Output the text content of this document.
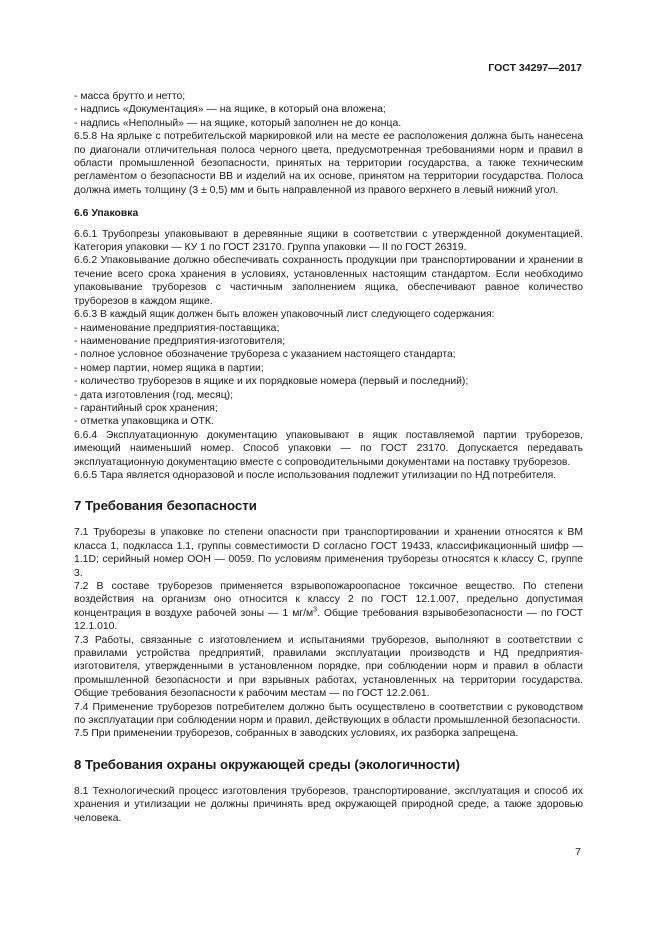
ГОСТ 34297—2017

- масса брутто и нетто;

- надпись «Документация» — на ящике, в который она вложена;

- надпись «Неполный» — на ящике, который заполнен не до конца.

6.5.8 На ярлыке с потребительской маркировкой или на месте ее расположения должна быть нанесена по диагонали отличительная полоса черного цвета, предусмотренная требованиями норм и правил в области промышленной безопасности, принятых на территории государства, а также техническим регламентом о безопасности ВВ и изделий на их основе, принятом на территории государства. Полоса должна иметь толщину (3 ± 0,5) мм и быть направленной из правого верхнего в левый нижний угол.

6.6 Упаковка

6.6.1 Трубопрезы упаковывают в деревянные ящики в соответствии с утвержденной документацией. Категория упаковки — КУ 1 по ГОСТ 23170. Группа упаковки — II по ГОСТ 26319.

6.6.2 Упаковывание должно обеспечивать сохранность продукции при транспортировании и хранении в течение всего срока хранения в условиях, установленных настоящим стандартом. Если необходимо упаковывание труборезов с частичным заполнением ящика, обеспечивают равное количество труборезов в каждом ящике.

6.6.3 В каждый ящик должен быть вложен упаковочный лист следующего содержания:

- наименование предприятия-поставщика;

- наименование предприятия-изготовителя;

- полное условное обозначение трубореза с указанием настоящего стандарта;

- номер партии, номер ящика в партии;

- количество труборезов в ящике и их порядковые номера (первый и последний);

- дата изготовления (год, месяц);

- гарантийный срок хранения;

- отметка упаковщика и ОТК.

6.6.4 Эксплуатационную документацию упаковывают в ящик поставляемой партии труборезов, имеющий наименьший номер. Способ упаковки — по ГОСТ 23170. Допускается передавать эксплуатационную документацию вместе с сопроводительными документами на поставку труборезов.

6.6.5 Тара является одноразовой и после использования подлежит утилизации по НД потребителя.

7 Требования безопасности

7.1 Труборезы в упаковке по степени опасности при транспортировании и хранении относятся к ВМ класса 1, подкласса 1.1, группы совместимости D согласно ГОСТ 19433, классификационный шифр — 1.1D; серийный номер ООН — 0059. По условиям применения труборезы относятся к классу С, группе 3.

7.2 В составе труборезов применяется взрывопожароопасное токсичное вещество. По степени воздействия на организм оно относится к классу 2 по ГОСТ 12.1.007, предельно допустимая концентрация в воздухе рабочей зоны — 1 $мг/м^3$. Общие требования взрывобезопасности — по ГОСТ 12.1.010.

7.3 Работы, связанные с изготовлением и испытаниями труборезов, выполняют в соответствии с правилами устройства предприятий, правилами эксплуатации производств и НД предприятия-изготовителя, утвержденными в установленном порядке, при соблюдении норм и правил в области промышленной безопасности и при взрывных работах, установленных на территории государства. Общие требования безопасности к рабочим местам — по ГОСТ 12.2.061.

7.4 Применение труборезов потребителем должно быть осуществлено в соответствии с руководством по эксплуатации при соблюдении норм и правил, действующих в области промышленной безопасности.

7.5 При применении труборезов, собранных в заводских условиях, их разборка запрещена.

8 Требования охраны окружающей среды (экологичности)

8.1 Технологический процесс изготовления труборезов, транспортирование, эксплуатация и способ их хранения и утилизации не должны причинять вред окружающей природной среде, а также здоровью человека.

7
